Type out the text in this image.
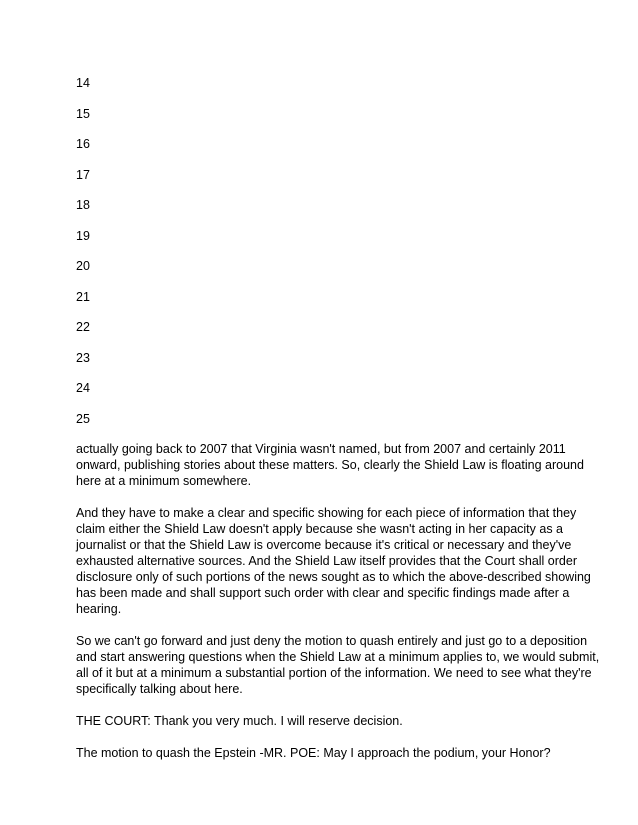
14
15
16
17
18
19
20
21
22
23
24
25

actually going back to 2007 that Virginia wasn't named, but from 2007 and certainly 2011
onward, publishing stories about these matters. So, clearly the Shield Law is floating around
here at a minimum somewhere.

And they have to make a clear and specific showing for each piece of information that they
claim either the Shield Law doesn't apply because she wasn't acting in her capacity as a
journalist or that the Shield Law is overcome because it's critical or necessary and they've
exhausted alternative sources. And the Shield Law itself provides that the Court shall order
disclosure only of such portions of the news sought as to which the above-described showing
has been made and shall support such order with clear and specific findings made after a
hearing.

So we can't go forward and just deny the motion to quash entirely and just go to a deposition
and start answering questions when the Shield Law at a minimum applies to, we would submit,
all of it but at a minimum a substantial portion of the information. We need to see what they're
specifically talking about here.

THE COURT: Thank you very much. I will reserve decision.

The motion to quash the Epstein -MR. POE: May I approach the podium, your Honor?
